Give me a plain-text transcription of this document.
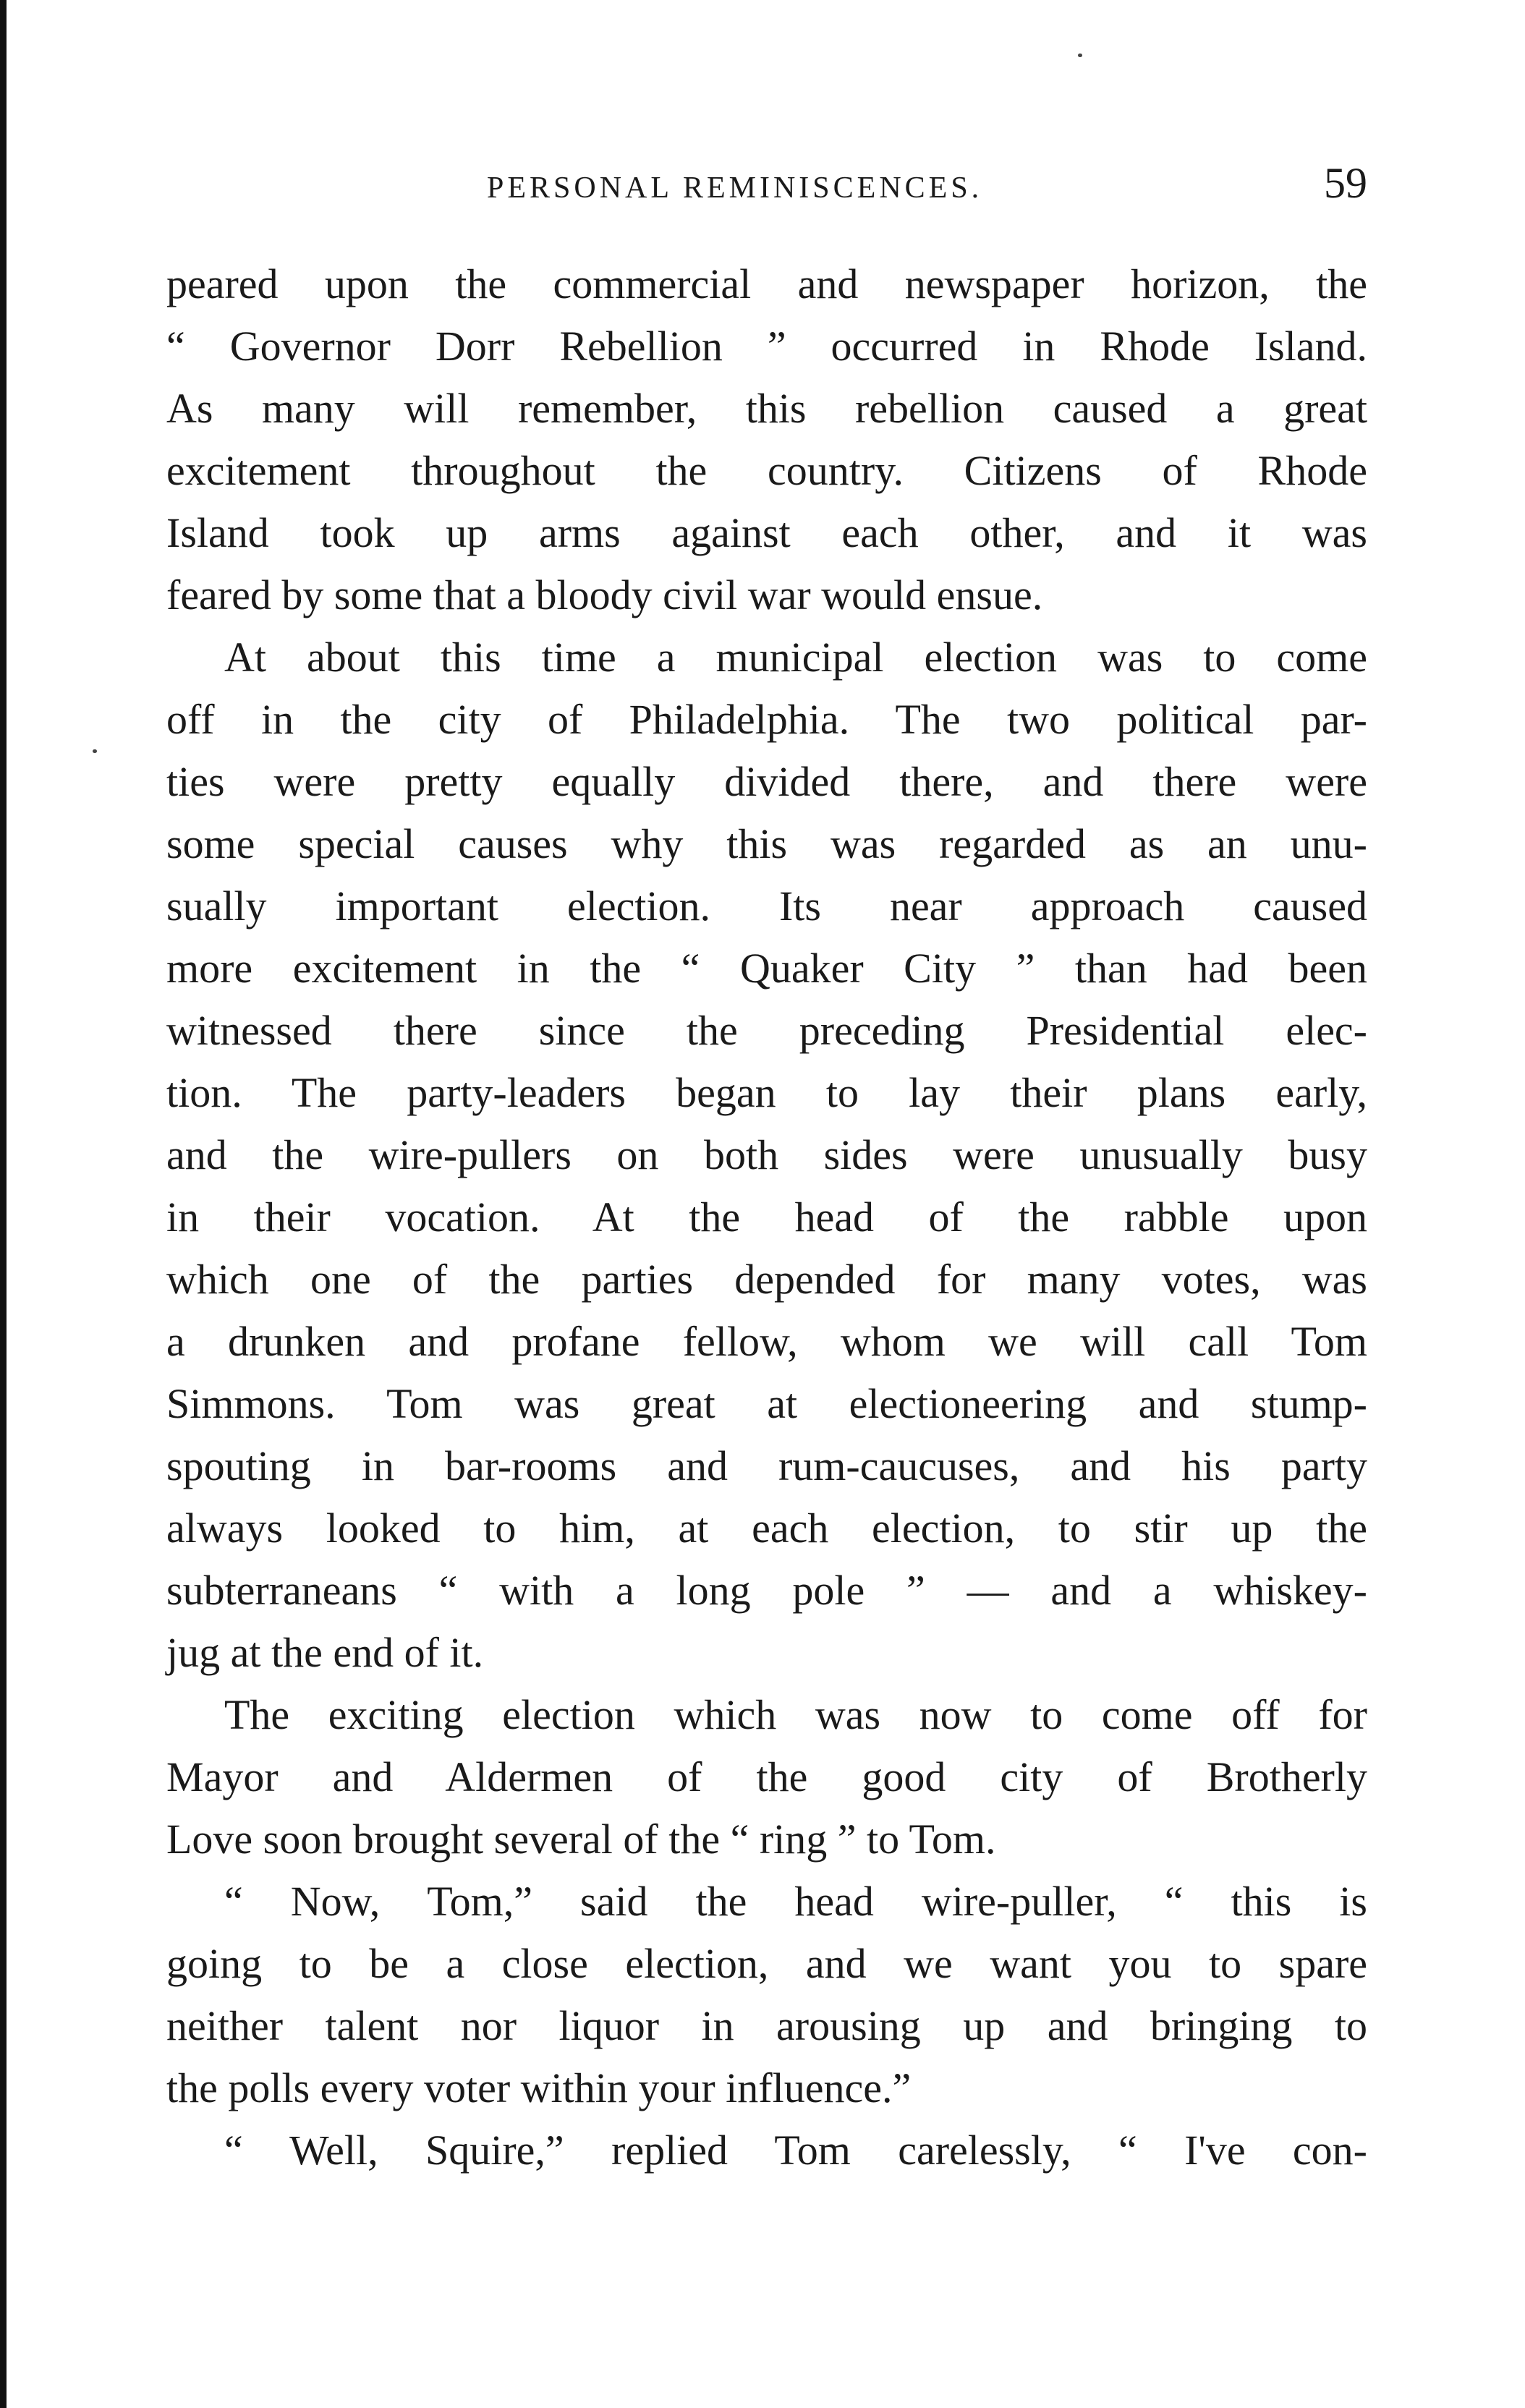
PERSONAL REMINISCENCES.	59
peared upon the commercial and newspaper horizon, the
“ Governor Dorr Rebellion ” occurred in Rhode Island.
As many will remember, this rebellion caused a great
excitement throughout the country. Citizens of Rhode
Island took up arms against each other, and it was
feared by some that a bloody civil war would ensue.
At about this time a municipal election was to come
off in the city of Philadelphia. The two political par-
ties were pretty equally divided there, and there were
some special causes why this was regarded as an unu-
sually important election. Its near approach caused
more excitement in the “ Quaker City ” than had been
witnessed there since the preceding Presidential elec-
tion. The party-leaders began to lay their plans early,
and the wire-pullers on both sides were unusually busy
in their vocation. At the head of the rabble upon
which one of the parties depended for many votes, was
a drunken and profane fellow, whom we will call Tom
Simmons. Tom was great at electioneering and stump-
spouting in bar-rooms and rum-caucuses, and his party
always looked to him, at each election, to stir up the
subterraneans “ with a long pole ” — and a whiskey-
jug at the end of it.
The exciting election which was now to come off for
Mayor and Aldermen of the good city of Brotherly
Love soon brought several of the “ ring ” to Tom.
“ Now, Tom,” said the head wire-puller, “ this is
going to be a close election, and we want you to spare
neither talent nor liquor in arousing up and bringing to
the polls every voter within your influence.”
“ Well, Squire,” replied Tom carelessly, “ I've con-
